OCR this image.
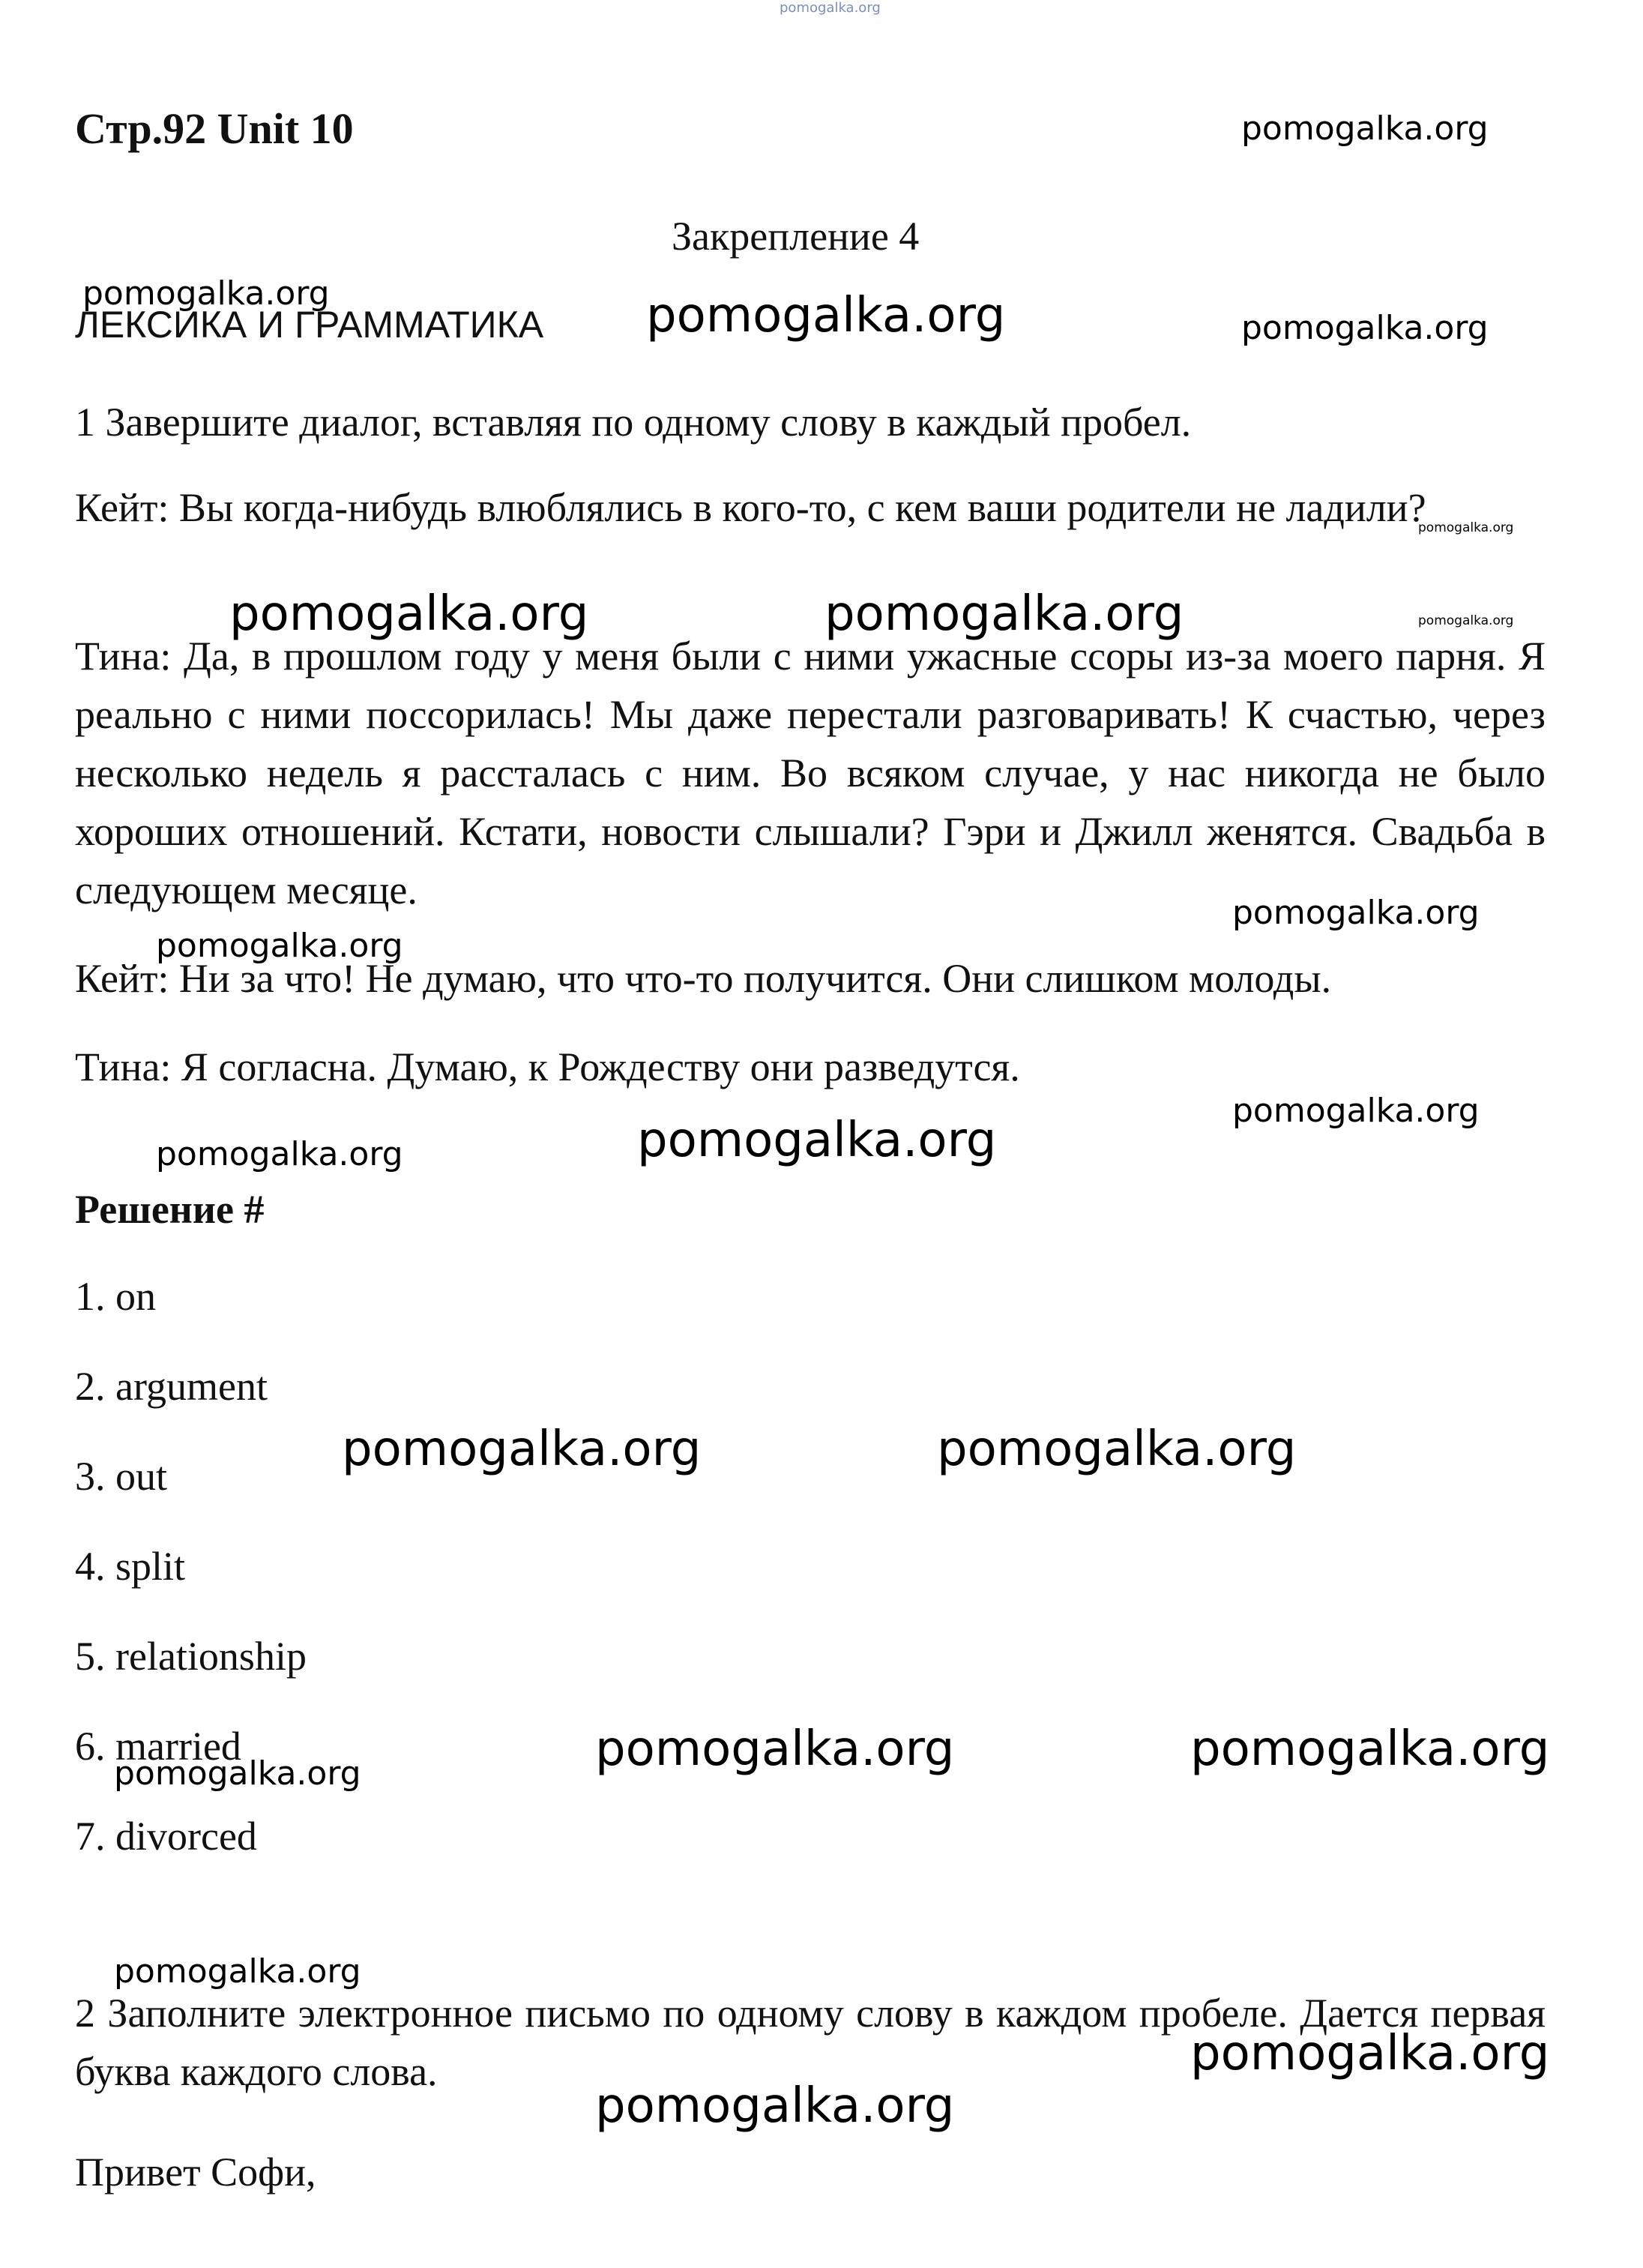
pomogalka.org
Стр.92 Unit 10	pomogalka.org
Закрепление 4
pomogalka.org
ЛЕКСИКА И ГРАММАТИКА pomogalka.org	pomogalka.org
1 Завершите диалог, вставляя по одному слову в каждый пробел.

Кейт: Вы когда-нибудь влюблялись в кого-то, с кем ваши родители не ладили?

pomogalka.org
pomogalka.org	pomogalka.org	pomogalka.org

Тина: Да, в прошлом году у меня были с ними ужасные ссоры из-за моего парня. Я реально с ними поссорилась! Мы даже перестали разговаривать! К счастью, через несколько недель я рассталась с ним. Во всяком случае, у нас никогда не было хороших отношений. Кстати, новости слышали? Гэри и Джилл женятся. Свадьба в следующем месяце.

pomogalka.org
pomogalka.org
Кейт: Ни за что! Не думаю, что что-то получится. Они слишком молоды.
Тина: Я согласна. Думаю, к Рождеству они разведутся.
pomogalka.org
pomogalka.org
pomogalka.org
Решение #
1. on
2. argument
3. out
4. split
5. relationship
6. married
7. divorced
pomogalka.org	pomogalka.org
pomogalka.org	pomogalka.org
pomogalka.org
pomogalka.org

2 Заполните электронное письмо по одному слову в каждом пробеле. Дается первая буква каждого слова.	pomogalka.org
pomogalka.org
Привет Софи,
